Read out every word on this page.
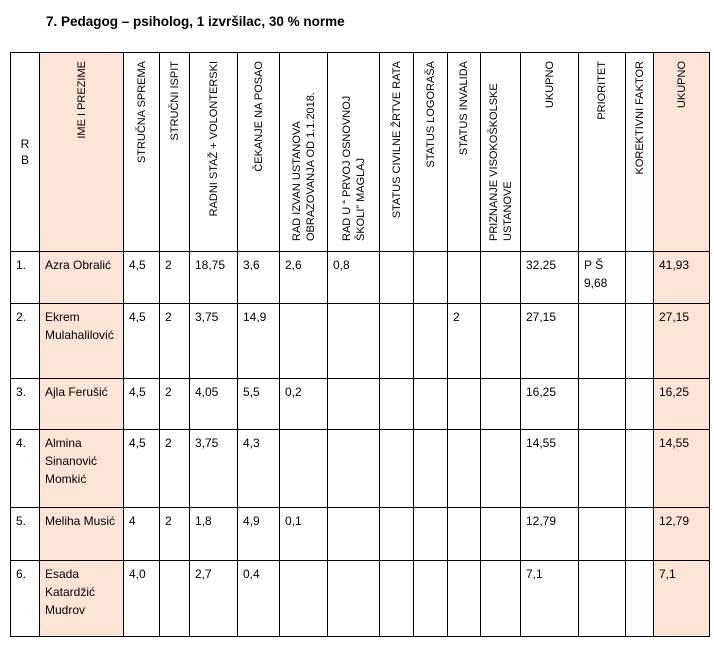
7. Pedagog – psiholog, 1 izvršilac, 30 % norme
R
B	IME I PREZIME	STRUČNA SPREMA	STRUČNI ISPIT	RADNI STAŽ + VOLONTERSKI	ČEKANJE NA POSAO	RAD IZVAN USTANOVA OBRAZOVANJA OD 1.1.2018.	RAD U “ PRVOJ OSNOVNOJ ŠKOLI” MAGLAJ	STATUS CIVILNE ŽRTVE RATA	STATUS LOGORAŠA	STATUS INVALIDA	PRIZNANJE VISOKOŠKOLSKE USTANOVE	UKUPNO	PRIORITET	KOREKTIVNI FAKTOR	UKUPNO

1.	Azra Obralić	4,5	2	18,75	3,6	2,6	0,8					32,25	P Š 9,68		41,93

2.	Ekrem Mulahalilović	4,5	2	3,75	14,9					2		27,15			27,15

3.	Ajla Ferušić	4,5	2	4,05	5,5	0,2						16,25			16,25

4.	Almina Sinanović Momkić	4,5	2	3,75	4,3							14,55			14,55

5.	Meliha Musić	4	2	1,8	4,9	0,1						12,79			12,79

6.	Esada Katardžić Mudrov	4,0		2,7	0,4							7,1			7,1
